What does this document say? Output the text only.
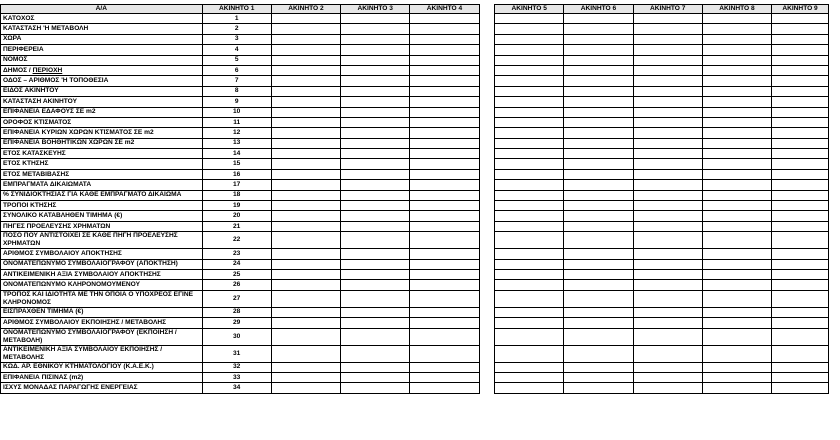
Α/Α	ΑΚΙΝΗΤΟ 1	ΑΚΙΝΗΤΟ 2	ΑΚΙΝΗΤΟ 3	ΑΚΙΝΗΤΟ 4		ΑΚΙΝΗΤΟ 5	ΑΚΙΝΗΤΟ 6	ΑΚΙΝΗΤΟ 7	ΑΚΙΝΗΤΟ 8	ΑΚΙΝΗΤΟ 9
ΚΑΤΟΧΟΣ	1									
ΚΑΤΑΣΤΑΣΗ 'Η ΜΕΤΑΒΟΛΗ	2									
ΧΩΡΑ	3									
ΠΕΡΙΦΕΡΕΙΑ	4									
ΝΟΜΟΣ	5									
ΔΗΜΟΣ / ΠΕΡΙΟΧΗ	6									
ΟΔΟΣ – ΑΡΙΘΜΟΣ 'Η ΤΟΠΟΘΕΣΙΑ	7									
ΕΙΔΟΣ ΑΚΙΝΗΤΟΥ	8									
ΚΑΤΑΣΤΑΣΗ ΑΚΙΝΗΤΟΥ	9									
ΕΠΙΦΑΝΕΙΑ ΕΔΑΦΟΥΣ ΣΕ m2	10									
ΟΡΟΦΟΣ ΚΤΙΣΜΑΤΟΣ	11									
ΕΠΙΦΑΝΕΙΑ ΚΥΡΙΩΝ ΧΩΡΩΝ ΚΤΙΣΜΑΤΟΣ ΣΕ m2	12									
ΕΠΙΦΑΝΕΙΑ ΒΟΗΘΗΤΙΚΩΝ ΧΩΡΩΝ ΣΕ m2	13									
ΕΤΟΣ ΚΑΤΑΣΚΕΥΗΣ	14									
ΕΤΟΣ ΚΤΗΣΗΣ	15									
ΕΤΟΣ ΜΕΤΑΒΙΒΑΣΗΣ	16									
ΕΜΠΡΑΓΜΑΤΑ ΔΙΚΑΙΩΜΑΤΑ	17									
% ΣΥΝΙΔΙΟΚΤΗΣΙΑΣ ΓΙΑ ΚΑΘΕ ΕΜΠΡΑΓΜΑΤΟ ΔΙΚΑΙΩΜΑ	18									
ΤΡΟΠΟΙ ΚΤΗΣΗΣ	19									
ΣΥΝΟΛΙΚΟ ΚΑΤΑΒΛΗΘΕΝ ΤΙΜΗΜΑ (€)	20									
ΠΗΓΕΣ ΠΡΟΕΛΕΥΣΗΣ ΧΡΗΜΑΤΩΝ	21									
ΠΟΣΟ ΠΟΥ ΑΝΤΙΣΤΟΙΧΕΙ ΣΕ ΚΑΘΕ ΠΗΓΗ ΠΡΟΕΛΕΥΣΗΣ ΧΡΗΜΑΤΩΝ	22									
ΑΡΙΘΜΟΣ ΣΥΜΒΟΛΑΙΟΥ ΑΠΟΚΤΗΣΗΣ	23									
ΟΝΟΜΑΤΕΠΩΝΥΜΟ ΣΥΜΒΟΛΑΙΟΓΡΑΦΟΥ (ΑΠΟΚΤΗΣΗ)	24									
ΑΝΤΙΚΕΙΜΕΝΙΚΗ ΑΞΙΑ ΣΥΜΒΟΛΑΙΟΥ ΑΠΟΚΤΗΣΗΣ	25									
ΟΝΟΜΑΤΕΠΩΝΥΜΟ ΚΛΗΡΟΝΟΜΟΥΜΕΝΟΥ	26									
ΤΡΟΠΟΣ ΚΑΙ ΙΔΙΟΤΗΤΑ ΜΕ ΤΗΝ ΟΠΟΙΑ Ο ΥΠΟΧΡΕΟΣ ΕΓΙΝΕ ΚΛΗΡΟΝΟΜΟΣ	27									
ΕΙΣΠΡΑΧΘΕΝ ΤΙΜΗΜΑ (€)	28									
ΑΡΙΘΜΟΣ ΣΥΜΒΟΛΑΙΟΥ ΕΚΠΟΙΗΣΗΣ / ΜΕΤΑΒΟΛΗΣ	29									
ΟΝΟΜΑΤΕΠΩΝΥΜΟ ΣΥΜΒΟΛΑΙΟΓΡΑΦΟΥ (ΕΚΠΟΙΗΣΗ / ΜΕΤΑΒΟΛΗ)	30									
ΑΝΤΙΚΕΙΜΕΝΙΚΗ ΑΞΙΑ ΣΥΜΒΟΛΑΙΟΥ ΕΚΠΟΙΗΣΗΣ / ΜΕΤΑΒΟΛΗΣ	31									
ΚΩΔ. ΑΡ. ΕΘΝΙΚΟΥ ΚΤΗΜΑΤΟΛΟΓΙΟΥ (Κ.Α.Ε.Κ.)	32									
ΕΠΙΦΑΝΕΙΑ ΠΙΣΙΝΑΣ (m2)	33									
ΙΣΧΥΣ ΜΟΝΑΔΑΣ ΠΑΡΑΓΩΓΗΣ ΕΝΕΡΓΕΙΑΣ	34									
